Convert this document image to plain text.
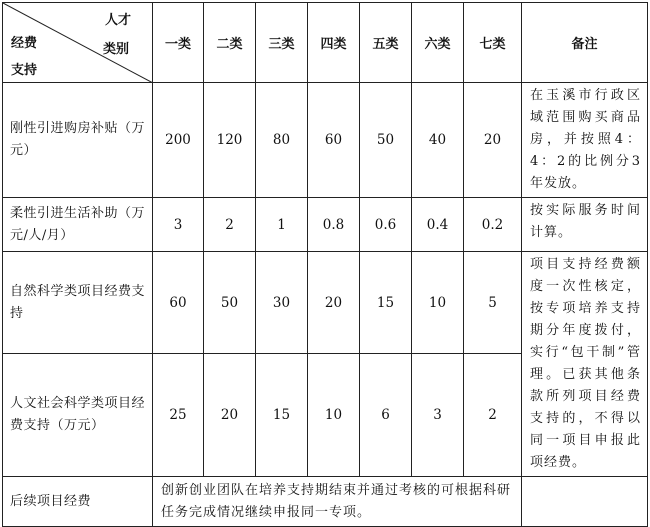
人才
类别
经费
支持	一类	二类	三类	四类	五类	六类	七类	备注
刚性引进购房补贴（万元）	200	120	80	60	50	40	20	在玉溪市行政区域范围购买商品房，并按照4：4：2的比例分3年发放。
柔性引进生活补助（万元/人/月）	3	2	1	0.8	0.6	0.4	0.2	按实际服务时间计算。
自然科学类项目经费支持	60	50	30	20	15	10	5	项目支持经费额度一次性核定，按专项培养支持期分年度拨付，实行“包干制”管理。已获其他条款所列项目经费支持的，不得以同一项目申报此项经费。
人文社会科学类项目经费支持（万元）	25	20	15	10	6	3	2	
后续项目经费	创新创业团队在培养支持期结束并通过考核的可根据科研任务完成情况继续申报同一专项。							
